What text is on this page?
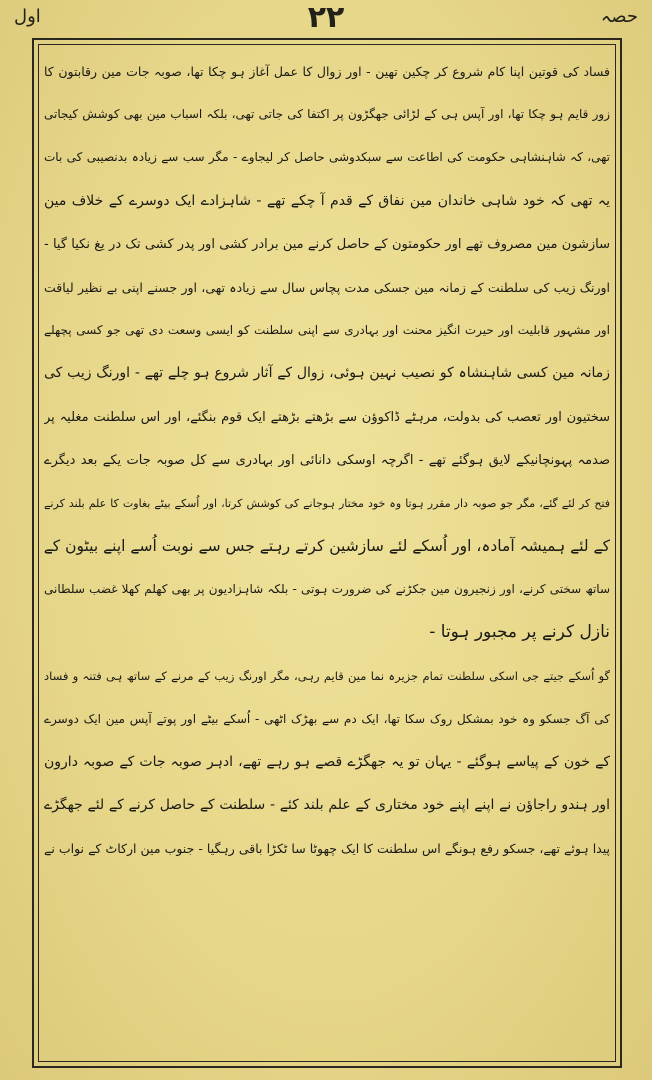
حصہ
۲۲
اول
فساد کی قوتین اپنا کام شروع کر چکین تھین - اور زوال کا عمل آغاز ہو چکا تھا، صوبہ جات مین رقابتون کا
زور قایم ہو چکا تھا، اور آپس ہی کے لڑائی جھگڑون پر اکتفا کی جاتی تھی، بلکہ اسباب مین بھی کوشش کیجاتی
تھی، کہ شاہنشاہی حکومت کی اطاعت سے سبکدوشی حاصل کر لیجاوے - مگر سب سے زیادہ بدنصیبی کی بات
یہ تھی کہ خود شاہی خاندان مین نفاق کے قدم آ چکے تھے - شاہزادے ایک دوسرے کے خلاف مین
سازشون مین مصروف تھے اور حکومتون کے حاصل کرنے مین برادر کشی اور پدر کشی تک در یغ نکیا گیا -
اورنگ زیب کی سلطنت کے زمانہ مین جسکی مدت پچاس سال سے زیادہ تھی، اور جسنے اپنی بے نظیر لیاقت
اور مشہور قابلیت اور حیرت انگیز محنت اور بہادری سے اپنی سلطنت کو ایسی وسعت دی تھی جو کسی پچھلے
زمانہ مین کسی شاہنشاہ کو نصیب نہین ہوئی، زوال کے آثار شروع ہو چلے تھے - اورنگ زیب کی
سختیون اور تعصب کی بدولت، مرہٹے ڈاکوؤن سے بڑھتے بڑھتے ایک قوم بنگئے، اور اس سلطنت مغلیہ پر
صدمہ پہونچانیکے لایق ہوگئے تھے - اگرچہ اوسکی دانائی اور بہادری سے کل صوبہ جات یکے بعد دیگرے
فتح کر لئے گئے، مگر جو صوبہ دار مقرر ہوتا وہ خود مختار ہوجانے کی کوشش کرتا، اور اُسکے بیٹے بغاوت کا علم بلند کرنے
کے لئے ہمیشہ آمادہ، اور اُسکے لئے سازشین کرتے رہتے جس سے نوبت اُسے اپنے بیٹون کے
ساتھ سختی کرنے، اور زنجیرون مین جکڑنے کی ضرورت ہوتی - بلکہ شاہزادیون پر بھی کھلم کھلا غضب سلطانی
نازل کرنے پر مجبور ہوتا -
گو اُسکے جیتے جی اسکی سلطنت تمام جزیرہ نما مین قایم رہی، مگر اورنگ زیب کے مرنے کے ساتھ ہی فتنہ و فساد
کی آگ جسکو وہ خود بمشکل روک سکا تھا، ایک دم سے بھڑک اٹھی - اُسکے بیٹے اور پوتے آپس مین ایک دوسرے
کے خون کے پیاسے ہوگئے - یہان تو یہ جھگڑے قصے ہو رہے تھے، ادہر صوبہ جات کے صوبہ دارون
اور ہندو راجاؤن نے اپنے اپنے خود مختاری کے علم بلند کئے - سلطنت کے حاصل کرنے کے لئے جھگڑے
پیدا ہوئے تھے، جسکو رفع ہونگے اس سلطنت کا ایک چھوٹا سا ٹکڑا باقی رہگیا - جنوب مین ارکاٹ کے نواب نے
